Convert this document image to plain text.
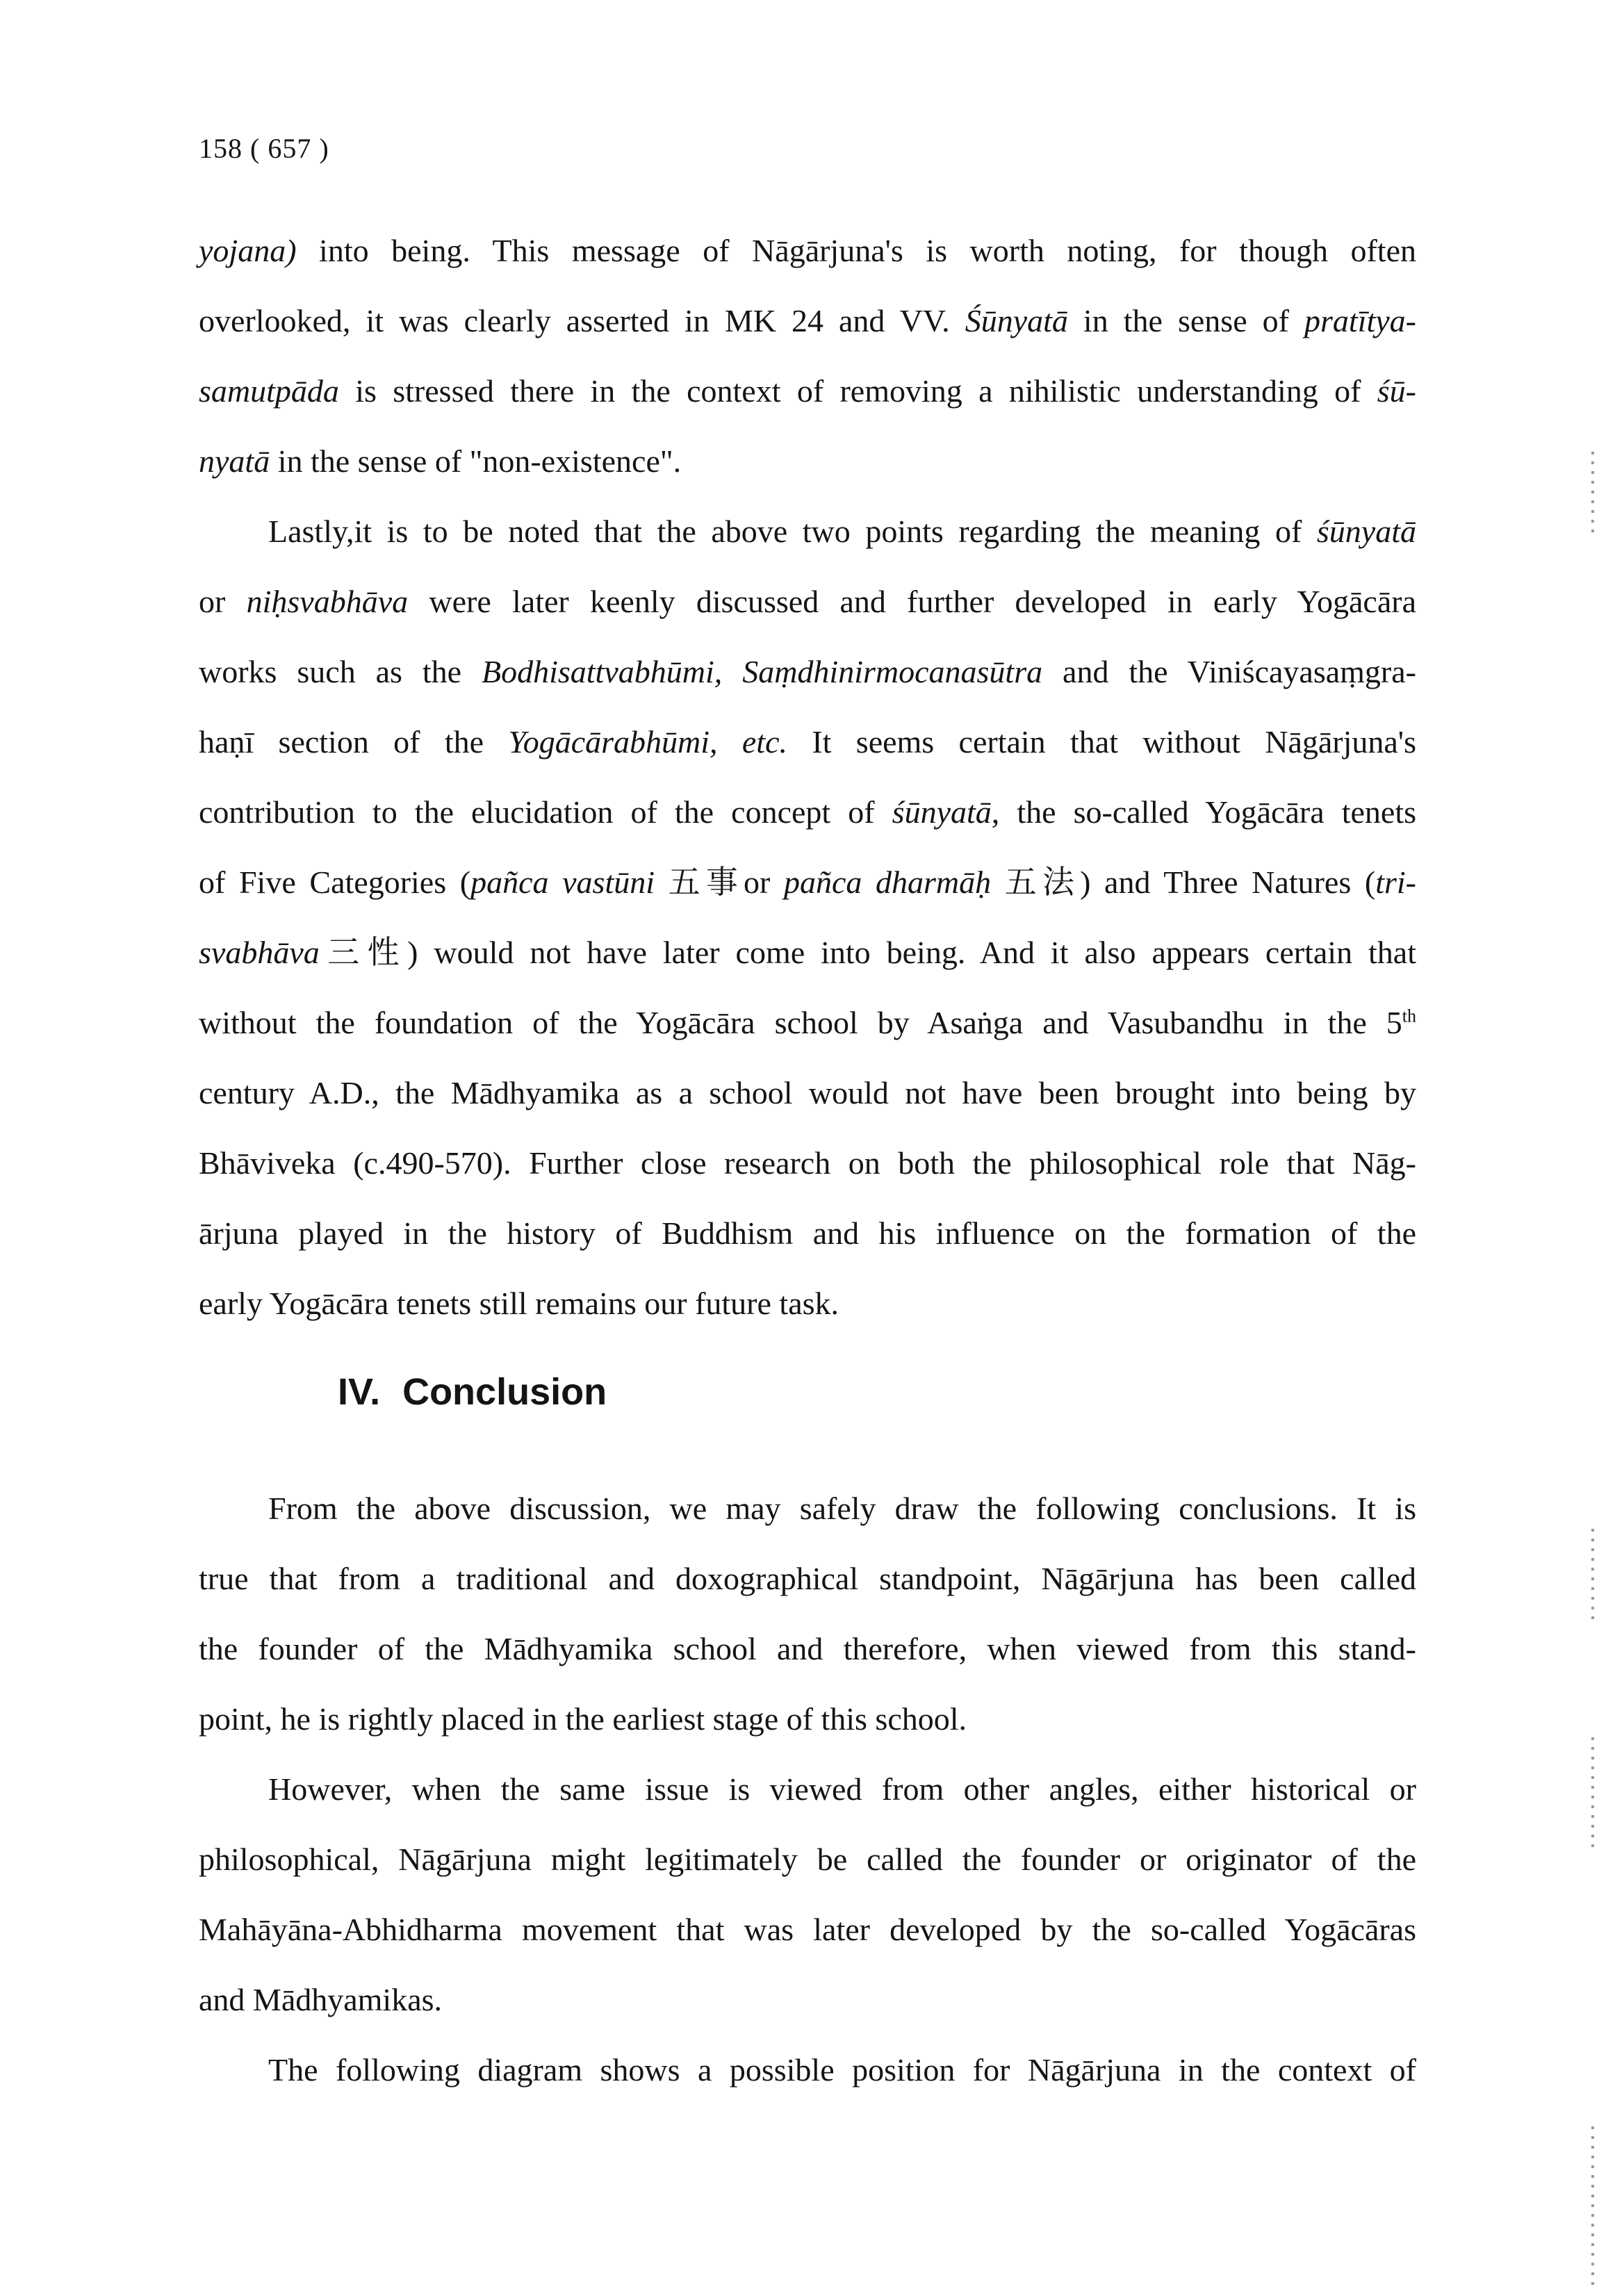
158 ( 657 )
yojana) into being. This message of Nāgārjuna's is worth noting, for though often
overlooked, it was clearly asserted in MK 24 and VV. Śūnyatā in the sense of pratītya-
samutpāda is stressed there in the context of removing a nihilistic understanding of śū-
nyatā in the sense of "non-existence".
Lastly,it is to be noted that the above two points regarding the meaning of śūnyatā
or niḥsvabhāva were later keenly discussed and further developed in early Yogācāra
works such as the Bodhisattvabhūmi, Saṃdhinirmocanasūtra and the Viniścayasaṃgra-
haṇī section of the Yogācārabhūmi, etc. It seems certain that without Nāgārjuna's
contribution to the elucidation of the concept of śūnyatā, the so-called Yogācāra tenets
of Five Categories (pañca vastūni 五事or pañca dharmāḥ 五法) and Three Natures (tri-
svabhāva三性) would not have later come into being. And it also appears certain that
without the foundation of the Yogācāra school by Asaṅga and Vasubandhu in the 5th
century A.D., the Mādhyamika as a school would not have been brought into being by
Bhāviveka (c.490-570). Further close research on both the philosophical role that Nāg-
ārjuna played in the history of Buddhism and his influence on the formation of the
early Yogācāra tenets still remains our future task.
IV. Conclusion
From the above discussion, we may safely draw the following conclusions. It is
true that from a traditional and doxographical standpoint, Nāgārjuna has been called
the founder of the Mādhyamika school and therefore, when viewed from this stand-
point, he is rightly placed in the earliest stage of this school.
However, when the same issue is viewed from other angles, either historical or
philosophical, Nāgārjuna might legitimately be called the founder or originator of the
Mahāyāna-Abhidharma movement that was later developed by the so-called Yogācāras
and Mādhyamikas.
The following diagram shows a possible position for Nāgārjuna in the context of
